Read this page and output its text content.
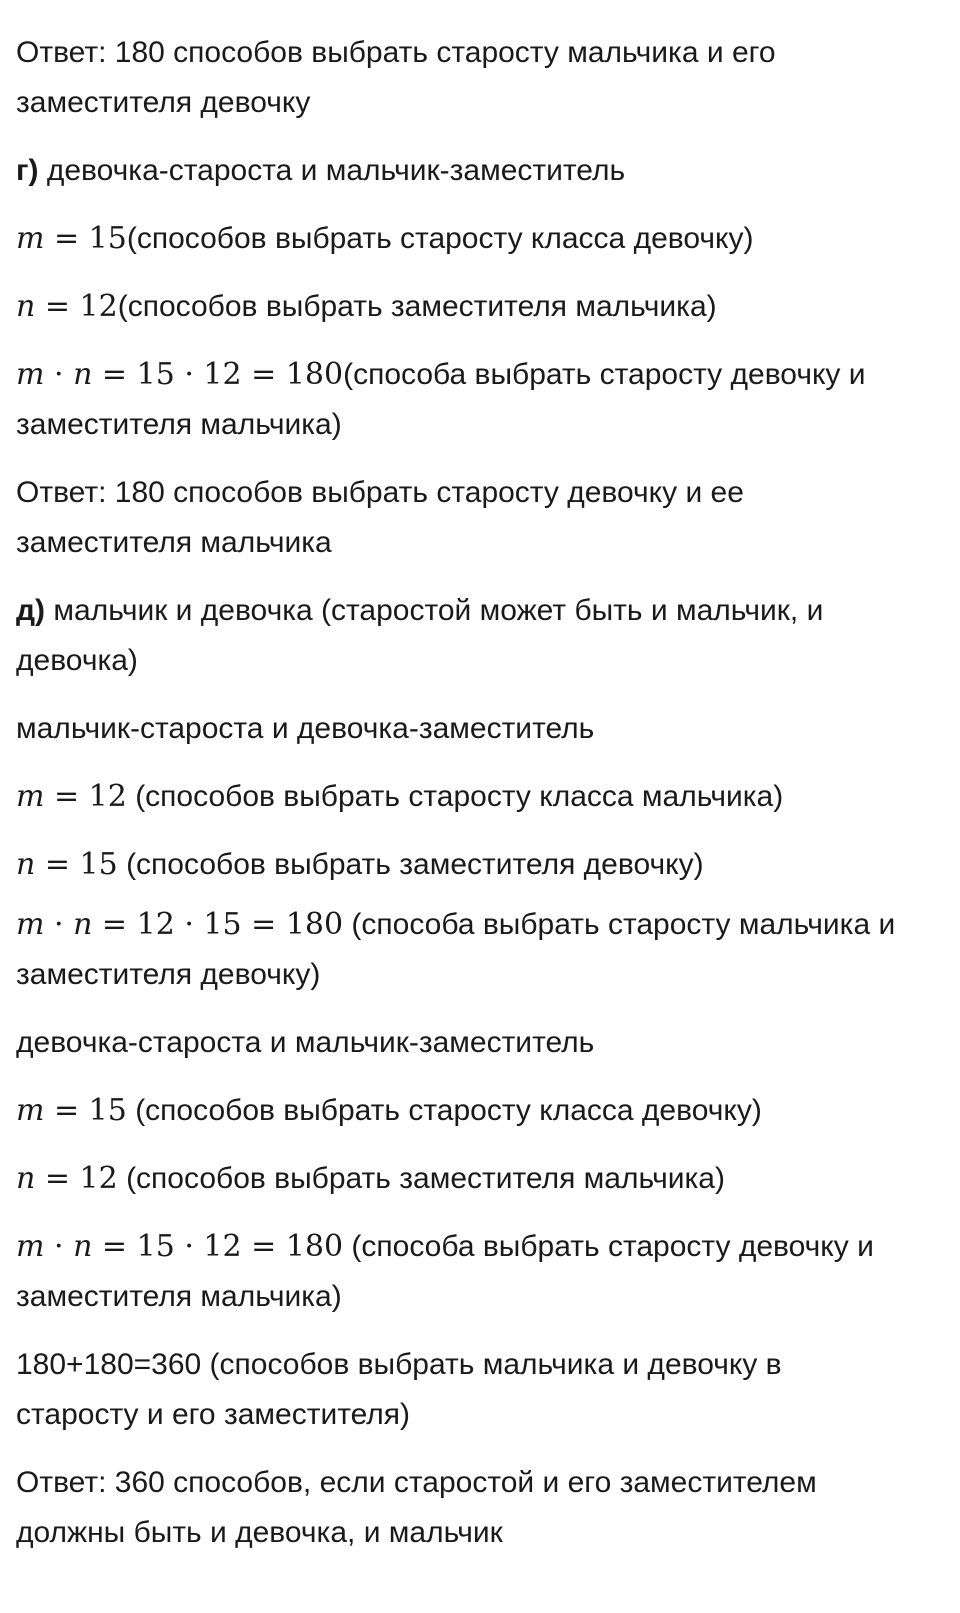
Ответ: 180 способов выбрать старосту мальчика и его
заместителя девочку

г) девочка-староста и мальчик-заместитель

m = 15(способов выбрать старосту класса девочку)

n = 12(способов выбрать заместителя мальчика)

m · n = 15 · 12 = 180(способа выбрать старосту девочку и
заместителя мальчика)

Ответ: 180 способов выбрать старосту девочку и ее
заместителя мальчика

д) мальчик и девочка (старостой может быть и мальчик, и
девочка)

мальчик-староста и девочка-заместитель

m = 12 (способов выбрать старосту класса мальчика)

n = 15 (способов выбрать заместителя девочку)

m · n = 12 · 15 = 180 (способа выбрать старосту мальчика и
заместителя девочку)

девочка-староста и мальчик-заместитель

m = 15 (способов выбрать старосту класса девочку)

n = 12 (способов выбрать заместителя мальчика)

m · n = 15 · 12 = 180 (способа выбрать старосту девочку и
заместителя мальчика)

180+180=360 (способов выбрать мальчика и девочку в
старосту и его заместителя)

Ответ: 360 способов, если старостой и его заместителем
должны быть и девочка, и мальчик
